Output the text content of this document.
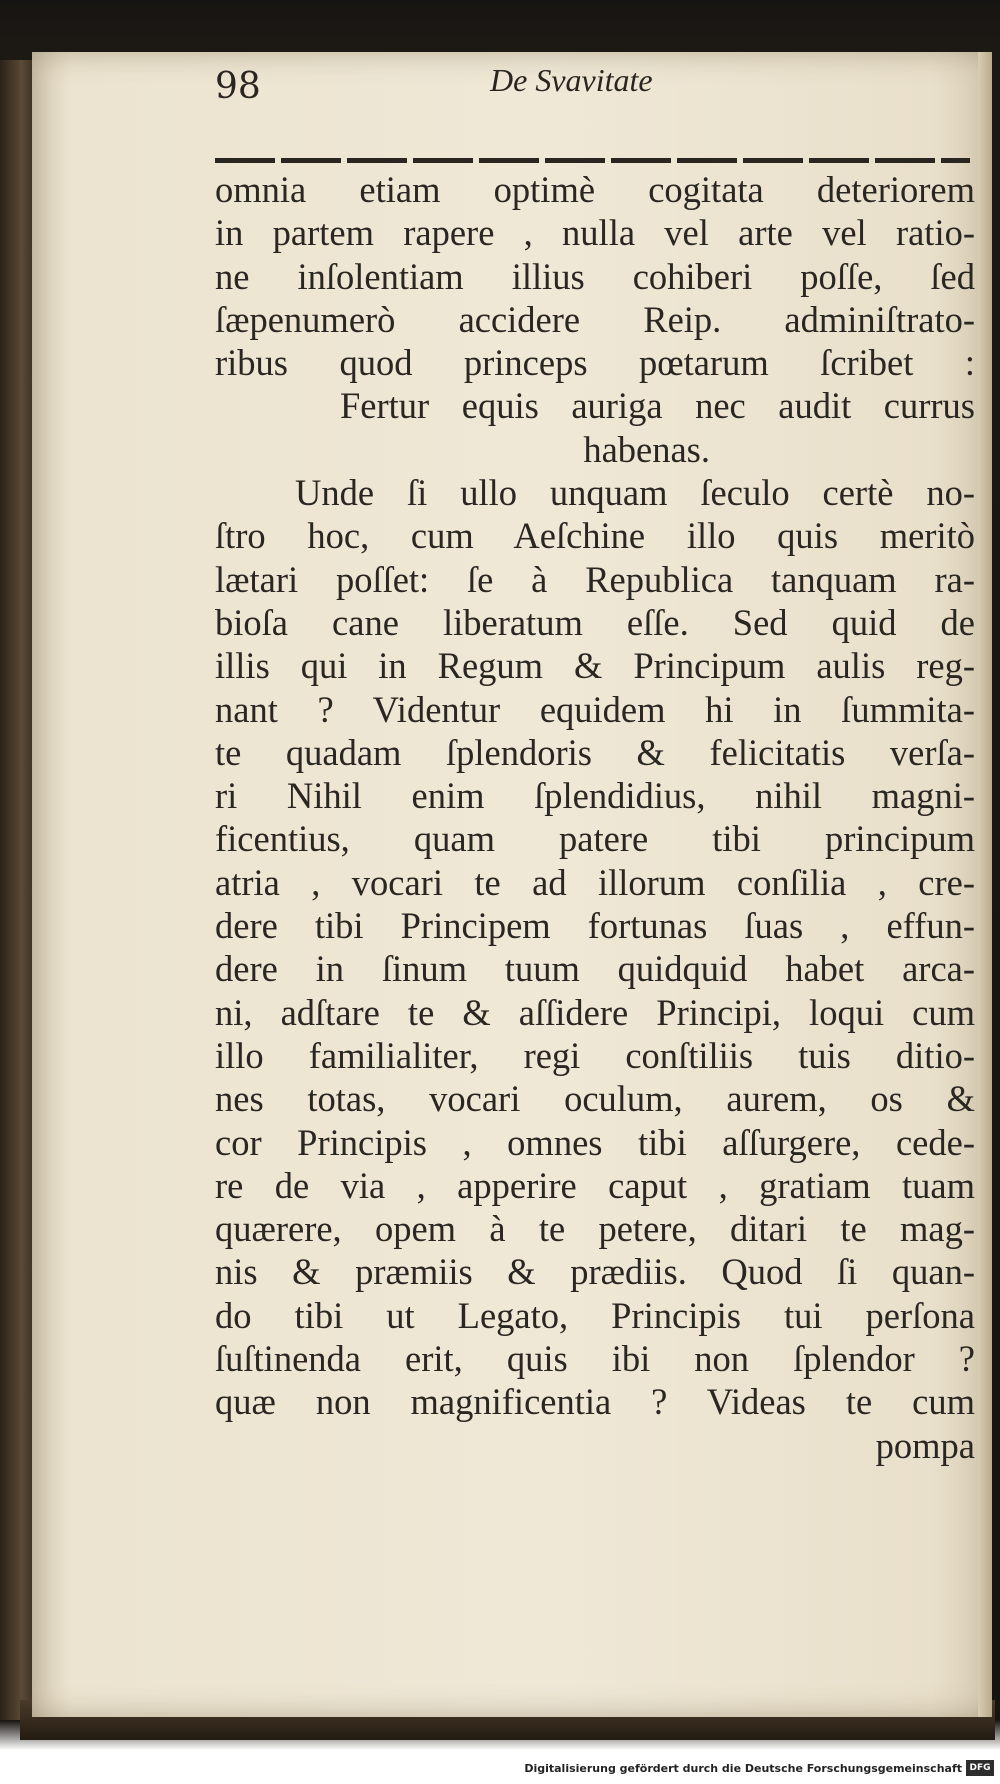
98	De Svavitate
omnia etiam optimè cogitata deteriorem
in partem rapere , nulla vel arte vel ratio-
ne inſolentiam illius cohiberi poſſe, ſed
ſæpenumerò accidere Reip. adminiſtrato-
ribus quod princeps pœtarum ſcribet :
Fertur equis auriga nec audit currus
habenas.
Unde ſi ullo unquam ſeculo certè no-
ſtro hoc, cum Aeſchine illo quis meritò
lætari poſſet: ſe à Republica tanquam ra-
bioſa cane liberatum eſſe. Sed quid de
illis qui in Regum & Principum aulis reg-
nant ? Videntur equidem hi in ſummita-
te quadam ſplendoris & felicitatis verſa-
ri Nihil enim ſplendidius, nihil magni-
ficentius, quam patere tibi principum
atria , vocari te ad illorum conſilia , cre-
dere tibi Principem fortunas ſuas , effun-
dere in ſinum tuum quidquid habet arca-
ni, adſtare te & aſſidere Principi, loqui cum
illo familialiter, regi conſtiliis tuis ditio-
nes totas, vocari oculum, aurem, os &
cor Principis , omnes tibi aſſurgere, cede-
re de via , apperire caput , gratiam tuam
quærere, opem à te petere, ditari te mag-
nis & præmiis & prædiis. Quod ſi quan-
do tibi ut Legato, Principis tui perſona
ſuſtinenda erit, quis ibi non ſplendor ?
quæ non magnificentia ? Videas te cum
pompa
Digitalisierung gefördert durch die Deutsche Forschungsgemeinschaft DFG
